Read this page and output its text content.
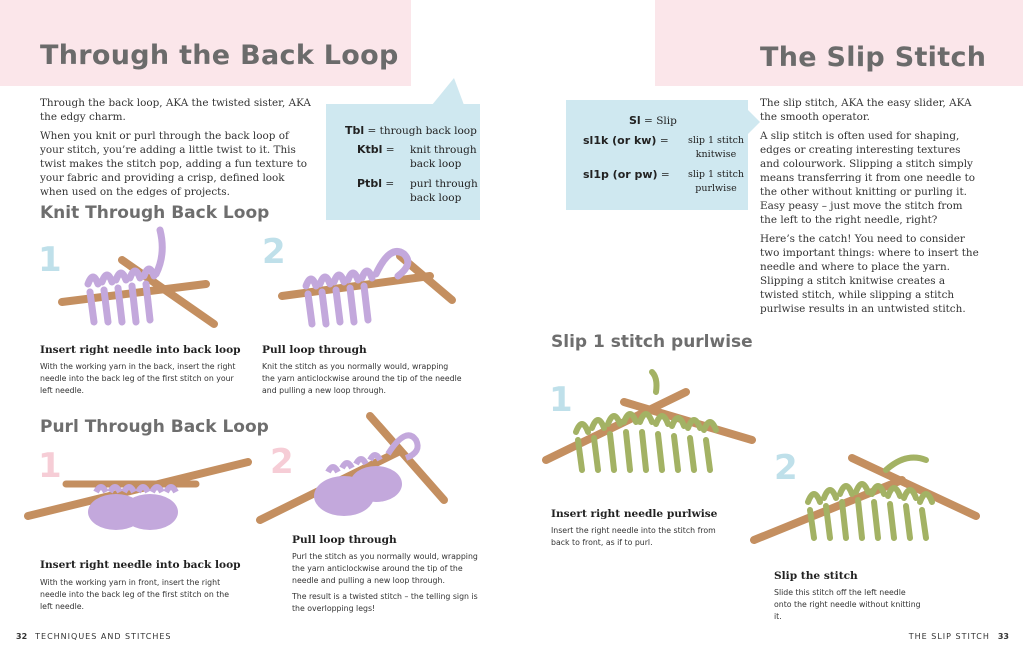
Through the Back Loop

Through the back loop, AKA the twisted sister, AKA the edgy charm.

When you knit or purl through the back loop of your stitch, you’re adding a little twist to it. This twist makes the stitch pop, adding a fun texture to your fabric and providing a crisp, defined look when used on the edges of projects.

Tbl = through back loop
Ktbl = knit through back loop
Ptbl = purl through back loop
Knit Through Back Loop
1	2
Insert right needle into back loop
With the working yarn in the back, insert the right needle into the back leg of the first stitch on your left needle.
Pull loop through
Knit the stitch as you normally would, wrapping the yarn anticlockwise around the tip of the needle and pulling a new loop through.
Purl Through Back Loop
1	2
Insert right needle into back loop
With the working yarn in front, insert the right needle into the back leg of the first stitch on the left needle.
Pull loop through

Purl the stitch as you normally would, wrapping the yarn anticlockwise around the tip of the needle and pulling a new loop through.

The result is a twisted stitch – the telling sign is the overlopping legs!

32 TECHNIQUES AND STITCHES
The Slip Stitch
Sl = Slip
sl1k (or kw) = slip 1 stitch knitwise
sl1p (or pw) = slip 1 stitch purlwise

The slip stitch, AKA the easy slider, AKA the smooth operator.

A slip stitch is often used for shaping, edges or creating interesting textures and colourwork. Slipping a stitch simply means transferring it from one needle to the other without knitting or purling it. Easy peasy – just move the stitch from the left to the right needle, right?

Here’s the catch! You need to consider two important things: where to insert the needle and where to place the yarn. Slipping a stitch knitwise creates a twisted stitch, while slipping a stitch purlwise results in an untwisted stitch.

Slip 1 stitch purlwise
1
Insert right needle purlwise
Insert the right needle into the stitch from back to front, as if to purl.
2
Slip the stitch
Slide this stitch off the left needle onto the right needle without knitting it.
THE SLIP STITCH 33
